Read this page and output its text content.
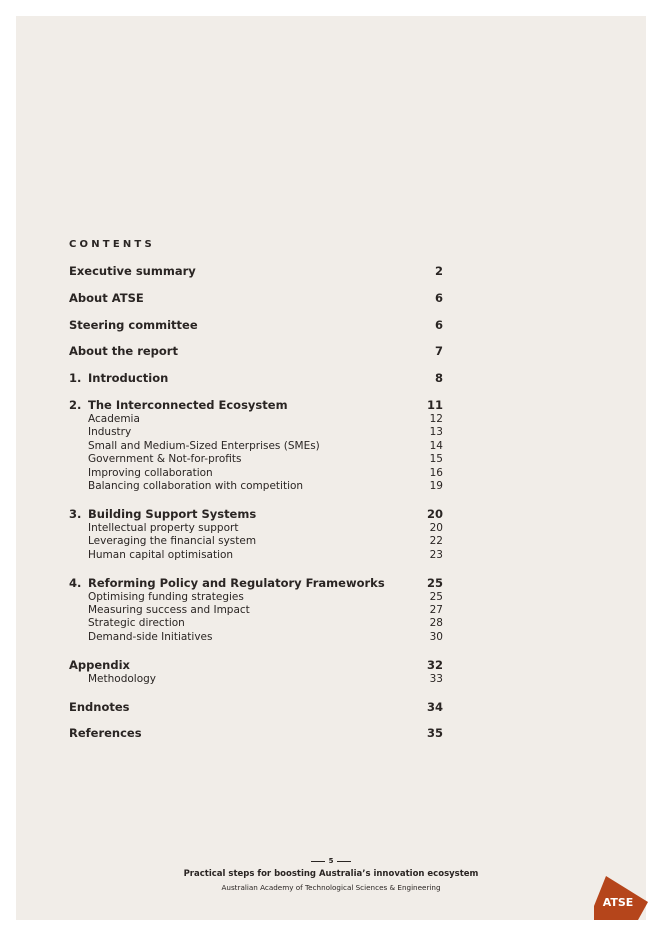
CONTENTS
Executive summary	2
About ATSE	6
Steering committee	6
About the report	7
1. Introduction	8
2. The Interconnected Ecosystem	11
Academia	12
Industry	13
Small and Medium-Sized Enterprises (SMEs)	14
Government & Not-for-profits	15
Improving collaboration	16
Balancing collaboration with competition	19
3. Building Support Systems	20
Intellectual property support	20
Leveraging the financial system	22
Human capital optimisation	23
4. Reforming Policy and Regulatory Frameworks	25
Optimising funding strategies	25
Measuring success and Impact	27
Strategic direction	28
Demand-side Initiatives	30
Appendix	32
Methodology	33
Endnotes	34
References	35
5
Practical steps for boosting Australia’s innovation ecosystem
Australian Academy of Technological Sciences & Engineering
ATSE
